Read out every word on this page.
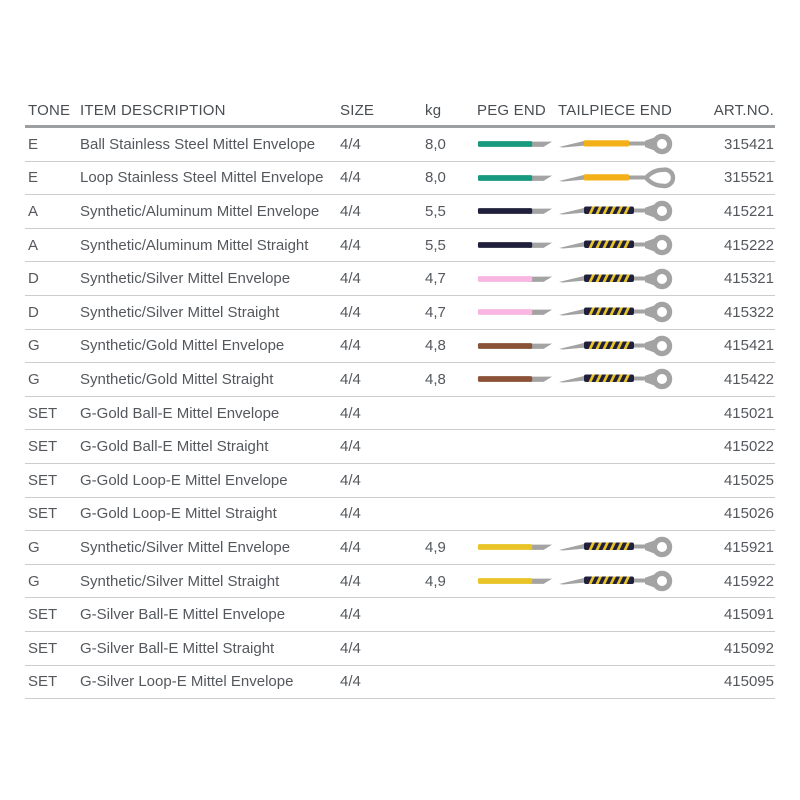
TONE ITEM DESCRIPTION	SIZE	kg	PEG END TAILPIECE END	ART.NO.
E	Ball Stainless Steel Mittel Envelope	4/4	8,0	315421
E	Loop Stainless Steel Mittel Envelope	4/4	8,0	315521
A	Synthetic/Aluminum Mittel Envelope	4/4	5,5	415221
A	Synthetic/Aluminum Mittel Straight	4/4	5,5	415222
D	Synthetic/Silver Mittel Envelope	4/4	4,7	415321
D	Synthetic/Silver Mittel Straight	4/4	4,7	415322
G	Synthetic/Gold Mittel Envelope	4/4	4,8	415421
G	Synthetic/Gold Mittel Straight	4/4	4,8	415422
SET	G-Gold Ball-E Mittel Envelope	4/4	415021
SET	G-Gold Ball-E Mittel Straight	4/4	415022
SET	G-Gold Loop-E Mittel Envelope	4/4	415025
SET	G-Gold Loop-E Mittel Straight	4/4	415026
G	Synthetic/Silver Mittel Envelope	4/4	4,9	415921
G	Synthetic/Silver Mittel Straight	4/4	4,9	415922
SET	G-Silver Ball-E Mittel Envelope	4/4	415091
SET	G-Silver Ball-E Mittel Straight	4/4	415092
SET	G-Silver Loop-E Mittel Envelope	4/4	415095
